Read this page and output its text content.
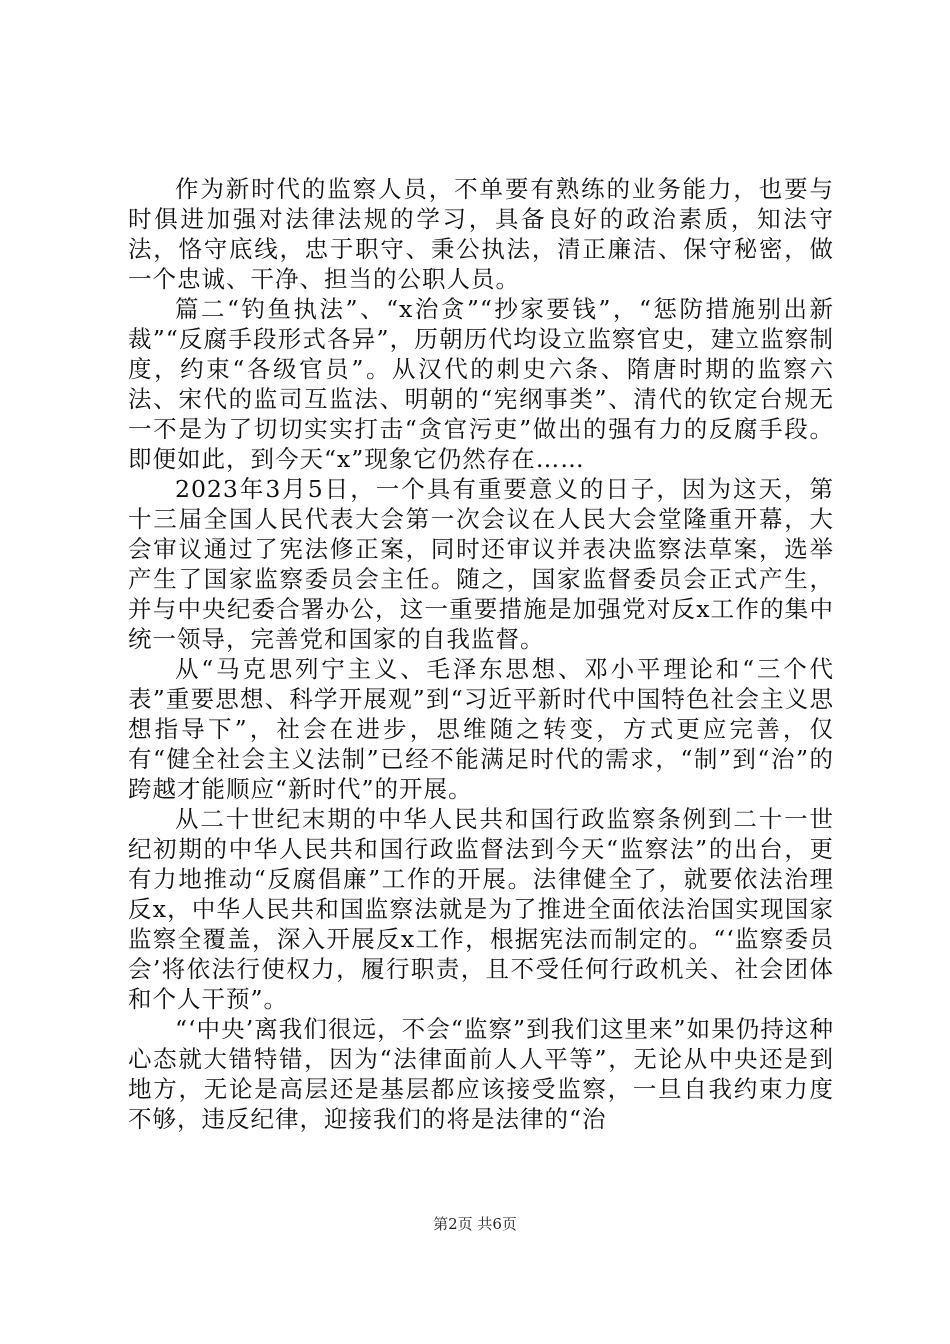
作为新时代的监察人员，不单要有熟练的业务能力，也要与时俱进加强对法律法规的学习，具备良好的政治素质，知法守法，恪守底线，忠于职守、秉公执法，清正廉洁、保守秘密，做一个忠诚、干净、担当的公职人员。

篇二“钓鱼执法”、“x治贪”“抄家要钱”，“惩防措施别出新裁”“反腐手段形式各异”，历朝历代均设立监察官史，建立监察制度，约束“各级官员”。从汉代的刺史六条、隋唐时期的监察六法、宋代的监司互监法、明朝的“宪纲事类”、清代的钦定台规无一不是为了切切实实打击“贪官污吏”做出的强有力的反腐手段。即便如此，到今天“x”现象它仍然存在……

2023年3月5日，一个具有重要意义的日子，因为这天，第十三届全国人民代表大会第一次会议在人民大会堂隆重开幕，大会审议通过了宪法修正案，同时还审议并表决监察法草案，选举产生了国家监察委员会主任。随之，国家监督委员会正式产生，并与中央纪委合署办公，这一重要措施是加强党对反x工作的集中统一领导，完善党和国家的自我监督。

从“马克思列宁主义、毛泽东思想、邓小平理论和“三个代表”重要思想、科学开展观”到“习近平新时代中国特色社会主义思想指导下”，社会在进步，思维随之转变，方式更应完善，仅有“健全社会主义法制”已经不能满足时代的需求，“制”到“治”的跨越才能顺应“新时代”的开展。

从二十世纪末期的中华人民共和国行政监察条例到二十一世纪初期的中华人民共和国行政监督法到今天“监察法”的出台，更有力地推动“反腐倡廉”工作的开展。法律健全了，就要依法治理反x，中华人民共和国监察法就是为了推进全面依法治国实现国家监察全覆盖，深入开展反x工作，根据宪法而制定的。“‘监察委员会’将依法行使权力，履行职责，且不受任何行政机关、社会团体和个人干预”。

“‘中央’离我们很远，不会“监察”到我们这里来”如果仍持这种心态就大错特错，因为“法律面前人人平等”，无论从中央还是到地方，无论是高层还是基层都应该接受监察，一旦自我约束力度不够，违反纪律，迎接我们的将是法律的“治

第2页 共6页
